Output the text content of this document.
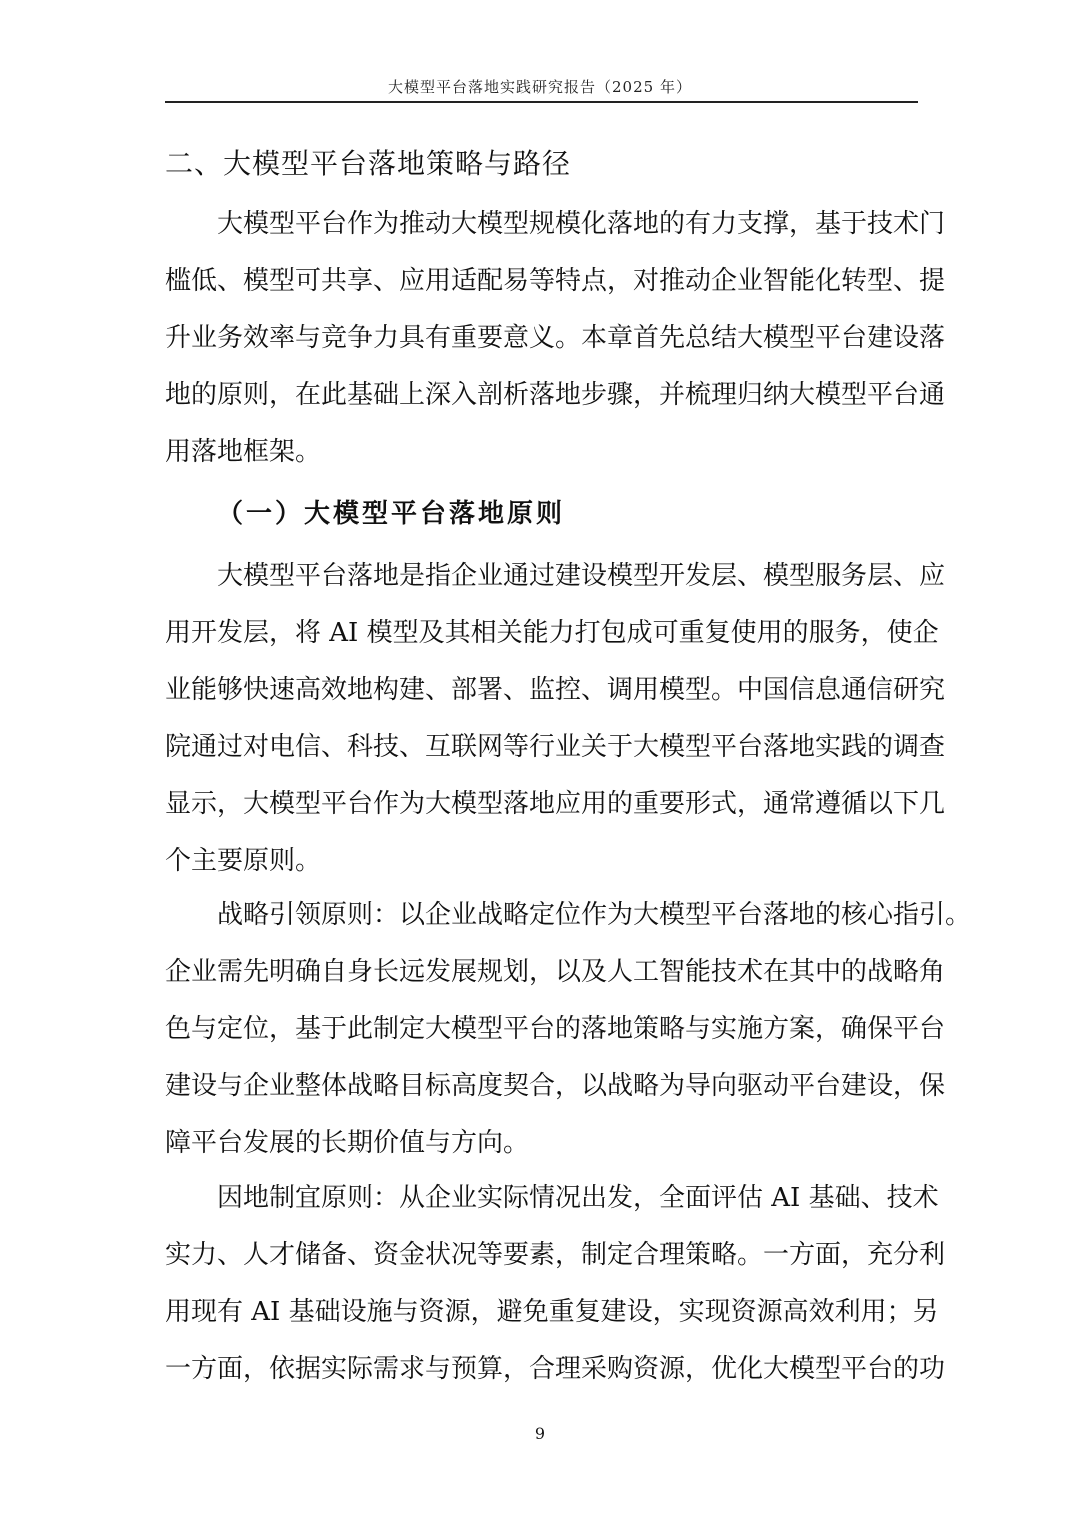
大模型平台落地实践研究报告（2025 年）
二、大模型平台落地策略与路径
大模型平台作为推动大模型规模化落地的有力支撑，基于技术门
槛低、模型可共享、应用适配易等特点，对推动企业智能化转型、提
升业务效率与竞争力具有重要意义。本章首先总结大模型平台建设落
地的原则，在此基础上深入剖析落地步骤，并梳理归纳大模型平台通
用落地框架。
（一）大模型平台落地原则
大模型平台落地是指企业通过建设模型开发层、模型服务层、应
用开发层，将 AI 模型及其相关能力打包成可重复使用的服务，使企
业能够快速高效地构建、部署、监控、调用模型。中国信息通信研究
院通过对电信、科技、互联网等行业关于大模型平台落地实践的调查
显示，大模型平台作为大模型落地应用的重要形式，通常遵循以下几
个主要原则。
战略引领原则：以企业战略定位作为大模型平台落地的核心指引。
企业需先明确自身长远发展规划，以及人工智能技术在其中的战略角
色与定位，基于此制定大模型平台的落地策略与实施方案，确保平台
建设与企业整体战略目标高度契合，以战略为导向驱动平台建设，保
障平台发展的长期价值与方向。
因地制宜原则：从企业实际情况出发，全面评估 AI 基础、技术
实力、人才储备、资金状况等要素，制定合理策略。一方面，充分利
用现有 AI 基础设施与资源，避免重复建设，实现资源高效利用；另
一方面，依据实际需求与预算，合理采购资源，优化大模型平台的功
9
